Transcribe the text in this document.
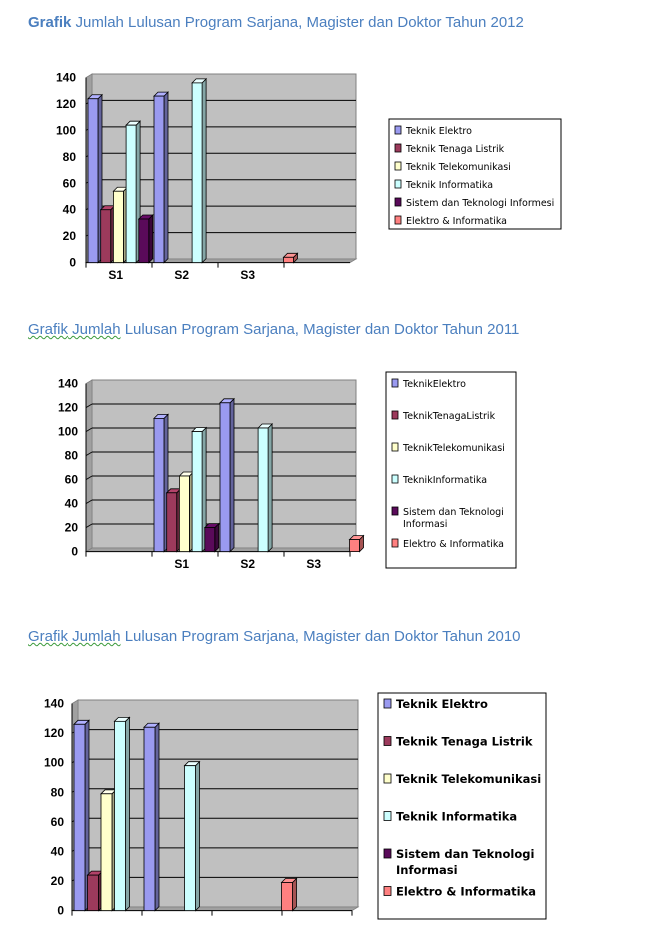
Grafik Jumlah Lulusan Program Sarjana, Magister dan Doktor Tahun 2012
0
20
40
60
80
100
120
140
S1	S2	S3
Teknik Elektro
Teknik Tenaga Listrik
Teknik Telekomunikasi
Teknik Informatika
Sistem dan Teknologi Informesi
Elektro & Informatika
Grafik Jumlah Lulusan Program Sarjana, Magister dan Doktor Tahun 2011
0
20
40
60
80
100
120
140
S1	S2	S3
TeknikElektro
TeknikTenagaListrik
TeknikTelekomunikasi
TeknikInformatika
Sistem dan Teknologi Informasi
Elektro & Informatika
Grafik Jumlah Lulusan Program Sarjana, Magister dan Doktor Tahun 2010
0
20
40
60
80
100
120
140	Teknik Elektro
Teknik Tenaga Listrik
Teknik Telekomunikasi
Teknik Informatika
Sistem dan Teknologi Informasi
Elektro & Informatika
